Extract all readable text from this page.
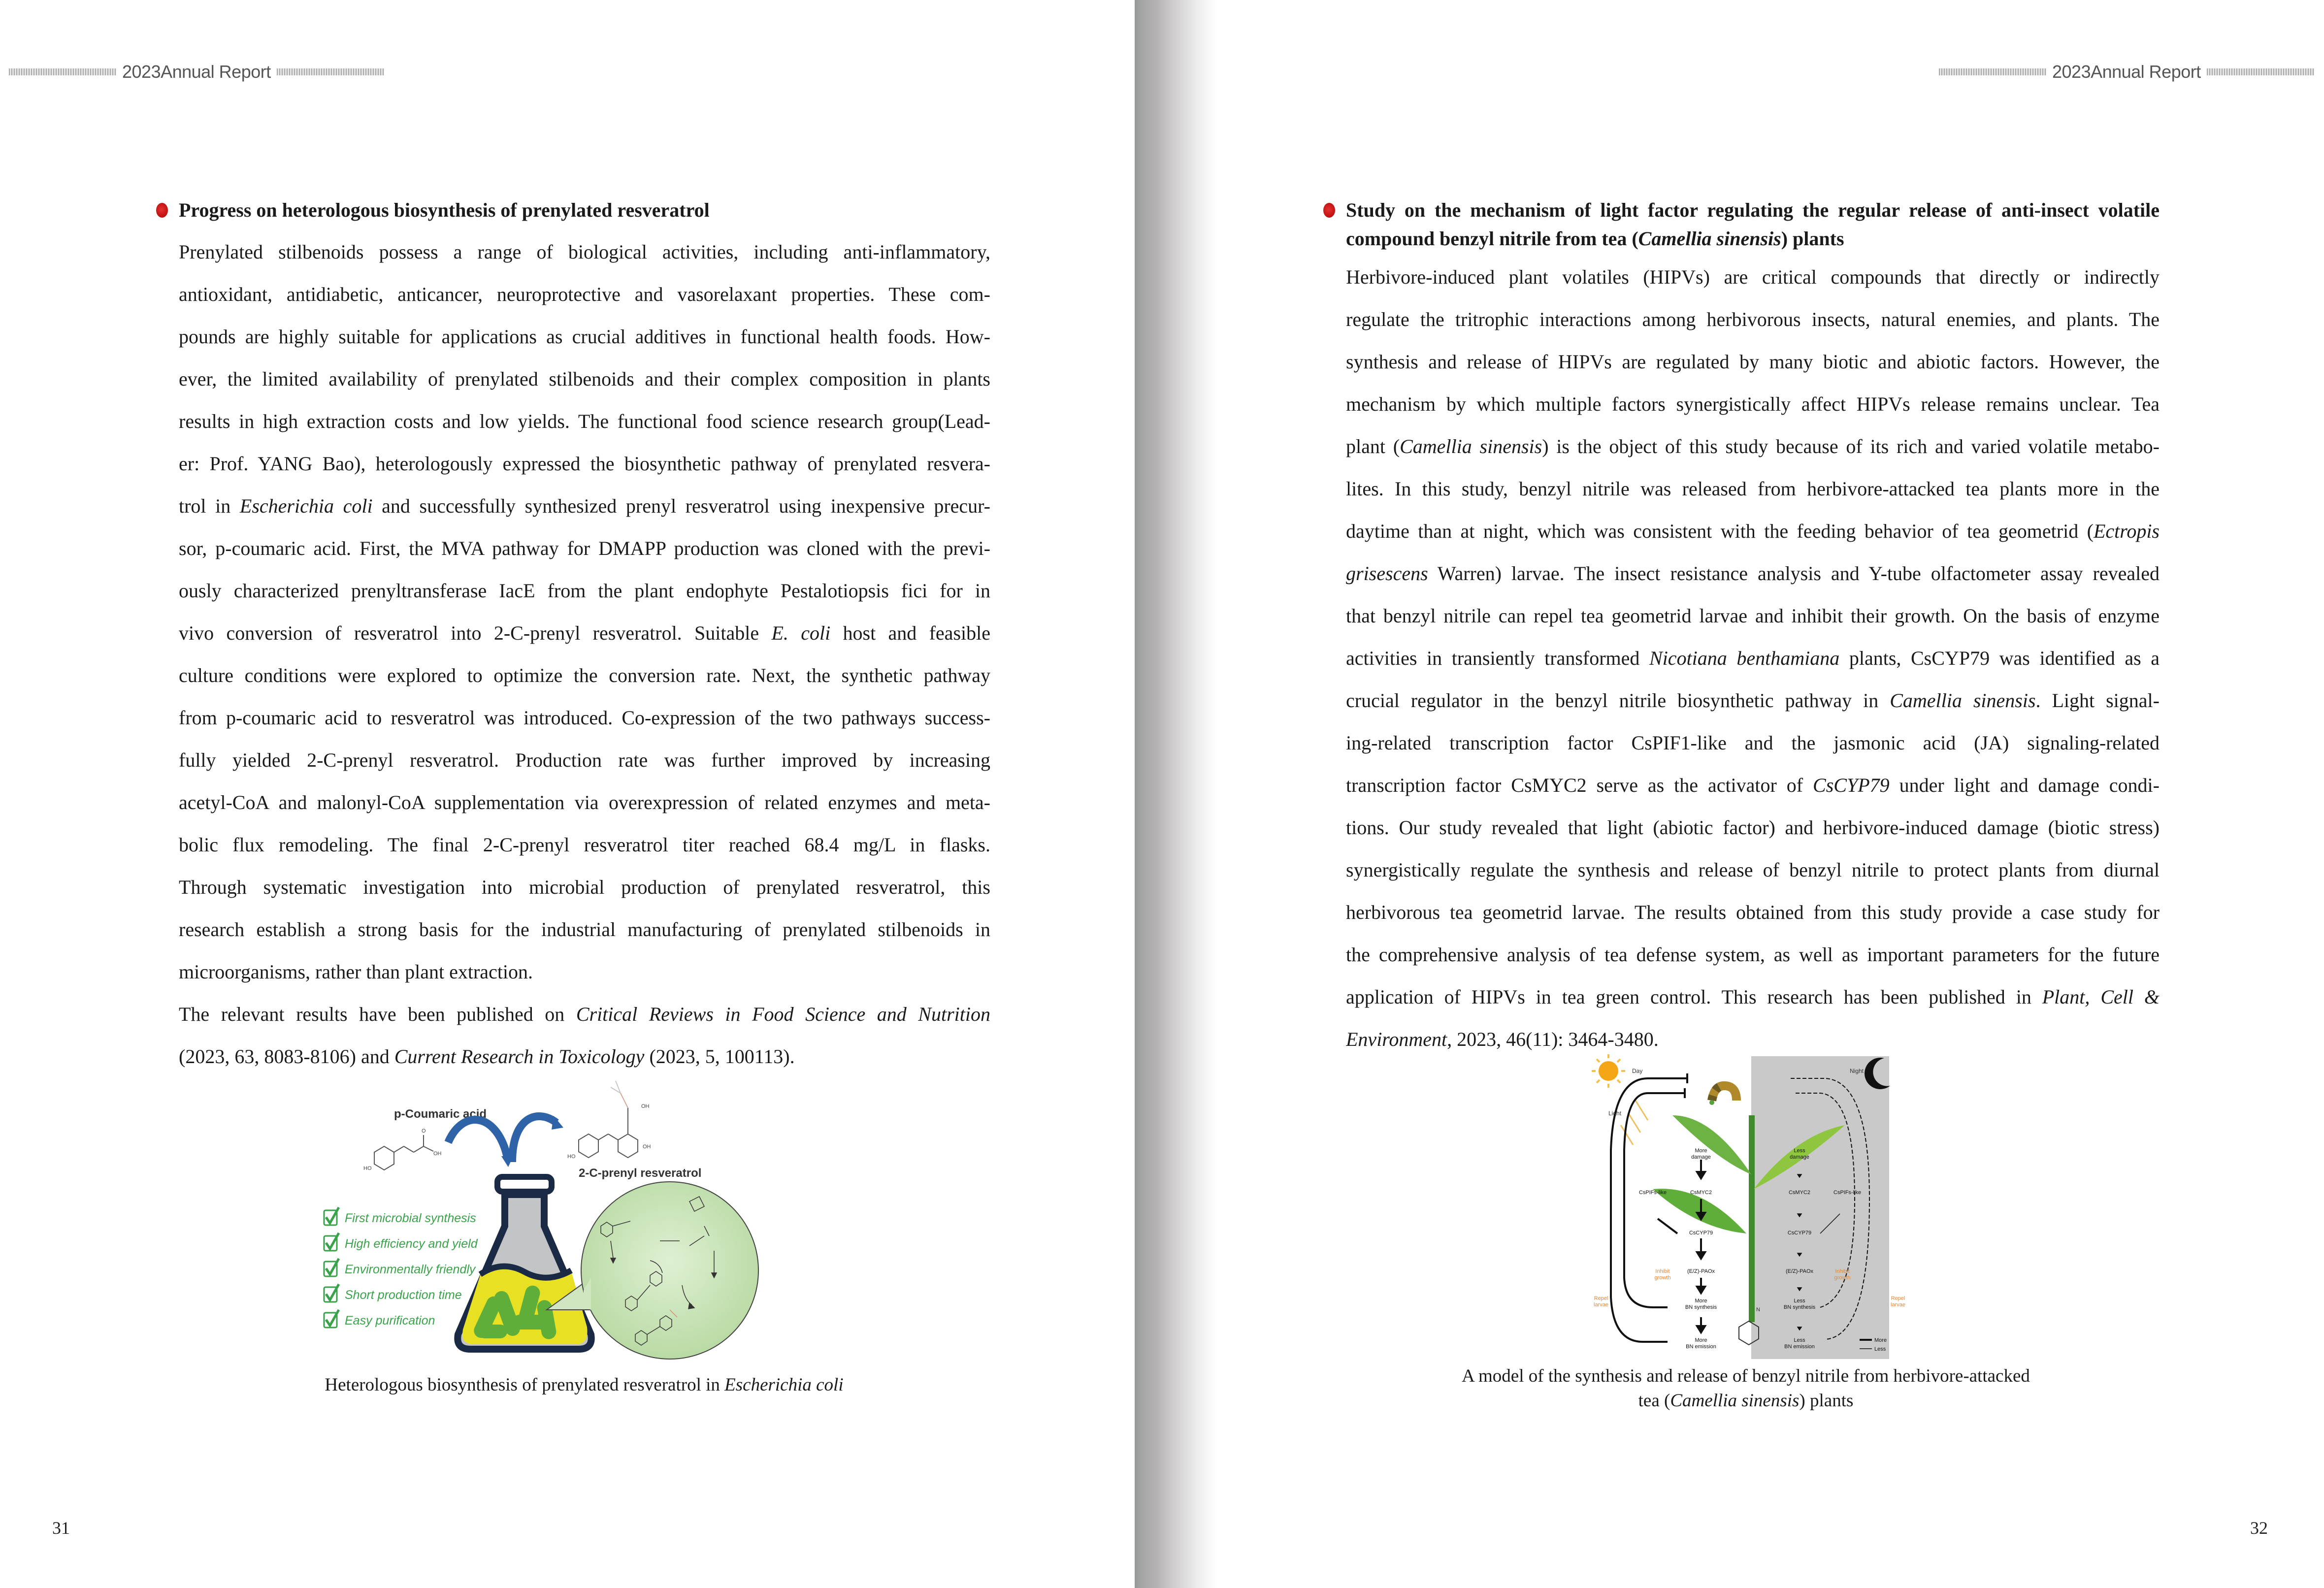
2023Annual Report
Progress on heterologous biosynthesis of prenylated resveratrol
Prenylated stilbenoids possess a range of biological activities, including anti-inflammatory,
antioxidant, antidiabetic, anticancer, neuroprotective and vasorelaxant properties. These com-
pounds are highly suitable for applications as crucial additives in functional health foods. How-
ever, the limited availability of prenylated stilbenoids and their complex composition in plants
results in high extraction costs and low yields. The functional food science research group(Lead-
er: Prof. YANG Bao), heterologously expressed the biosynthetic pathway of prenylated resvera-
trol in Escherichia coli and successfully synthesized prenyl resveratrol using inexpensive precur-
sor, p-coumaric acid. First, the MVA pathway for DMAPP production was cloned with the previ-
ously characterized prenyltransferase IacE from the plant endophyte Pestalotiopsis fici for in
vivo conversion of resveratrol into 2-C-prenyl resveratrol. Suitable E. coli host and feasible
culture conditions were explored to optimize the conversion rate. Next, the synthetic pathway
from p-coumaric acid to resveratrol was introduced. Co-expression of the two pathways success-
fully yielded 2-C-prenyl resveratrol. Production rate was further improved by increasing
acetyl-CoA and malonyl-CoA supplementation via overexpression of related enzymes and meta-
bolic flux remodeling. The final 2-C-prenyl resveratrol titer reached 68.4 mg/L in flasks.
Through systematic investigation into microbial production of prenylated resveratrol, this
research establish a strong basis for the industrial manufacturing of prenylated stilbenoids in
microorganisms, rather than plant extraction.
The relevant results have been published on Critical Reviews in Food Science and Nutrition
(2023, 63, 8083-8106) and Current Research in Toxicology (2023, 5, 100113).
p-Coumaric acid
O
OH
HO
OH
OH
HO
2-C-prenyl resveratrol
First microbial synthesis
High efficiency and yield
Environmentally friendly
Short production time
Easy purification
Heterologous biosynthesis of prenylated resveratrol in Escherichia coli
31
2023Annual Report
32
Study on the mechanism of light factor regulating the regular release of anti-insect volatile
compound benzyl nitrile from tea (Camellia sinensis) plants
Herbivore-induced plant volatiles (HIPVs) are critical compounds that directly or indirectly
regulate the tritrophic interactions among herbivorous insects, natural enemies, and plants. The
synthesis and release of HIPVs are regulated by many biotic and abiotic factors. However, the
mechanism by which multiple factors synergistically affect HIPVs release remains unclear. Tea
plant (Camellia sinensis) is the object of this study because of its rich and varied volatile metabo-
lites. In this study, benzyl nitrile was released from herbivore-attacked tea plants more in the
daytime than at night, which was consistent with the feeding behavior of tea geometrid (Ectropis
grisescens Warren) larvae. The insect resistance analysis and Y-tube olfactometer assay revealed
that benzyl nitrile can repel tea geometrid larvae and inhibit their growth. On the basis of enzyme
activities in transiently transformed Nicotiana benthamiana plants, CsCYP79 was identified as a
crucial regulator in the benzyl nitrile biosynthetic pathway in Camellia sinensis. Light signal-
ing-related transcription factor CsPIF1-like and the jasmonic acid (JA) signaling-related
transcription factor CsMYC2 serve as the activator of CsCYP79 under light and damage condi-
tions. Our study revealed that light (abiotic factor) and herbivore-induced damage (biotic stress)
synergistically regulate the synthesis and release of benzyl nitrile to protect plants from diurnal
herbivorous tea geometrid larvae. The results obtained from this study provide a case study for
the comprehensive analysis of tea defense system, as well as important parameters for the future
application of HIPVs in tea green control. This research has been published in Plant, Cell &
Environment, 2023, 46(11): 3464-3480.
Day	Night
Light
More
damage
Less
damage
CsPIFs-like	CsMYC2	CsMYC2	CsPIFs-like
CsCYP79	CsCYP79
(E/Z)-PAOx	(E/Z)-PAOx
More
BN synthesis
Less
BN synthesis
More
BN emission
Less
BN emission
Inhibit
growth
Inhibit
growth
Repel
larvae
Repel
larvae
N
More
Less
A model of the synthesis and release of benzyl nitrile from herbivore-attacked
tea (Camellia sinensis) plants
